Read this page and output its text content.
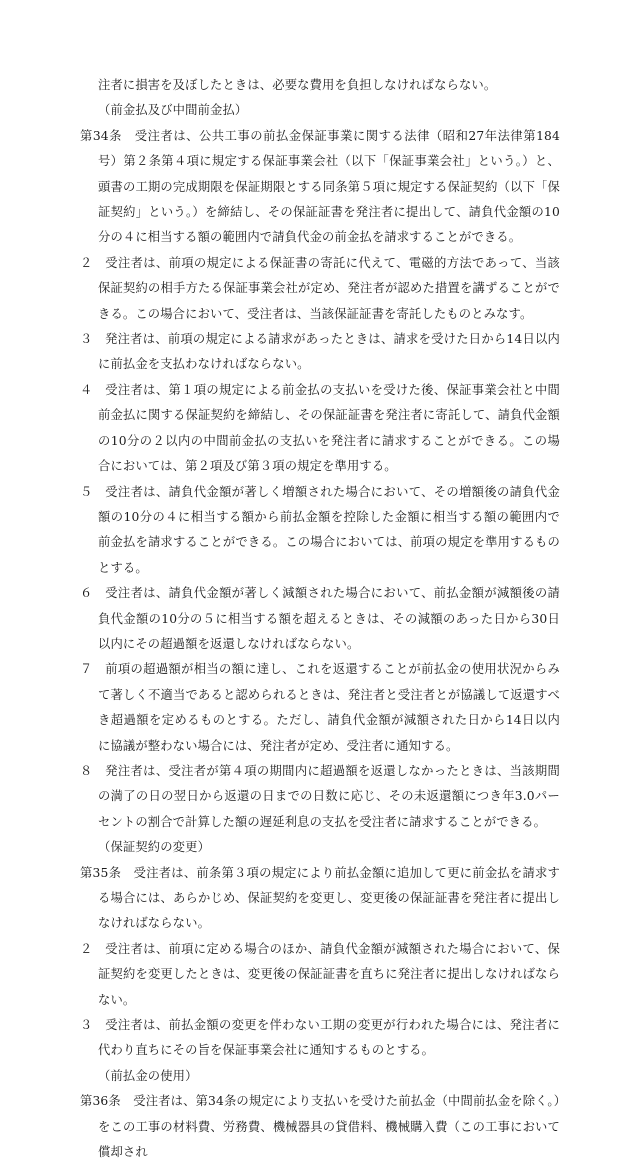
注者に損害を及ぼしたときは、必要な費用を負担しなければならない。

（前金払及び中間前金払）

第34条　受注者は、公共工事の前払金保証事業に関する法律（昭和27年法律第184号）第２条第４項に規定する保証事業会社（以下「保証事業会社」という。）と、頭書の工期の完成期限を保証期限とする同条第５項に規定する保証契約（以下「保証契約」という。）を締結し、その保証証書を発注者に提出して、請負代金額の10分の４に相当する額の範囲内で請負代金の前金払を請求することができる。

２　受注者は、前項の規定による保証書の寄託に代えて、電磁的方法であって、当該保証契約の相手方たる保証事業会社が定め、発注者が認めた措置を講ずることができる。この場合において、受注者は、当該保証証書を寄託したものとみなす。

３　発注者は、前項の規定による請求があったときは、請求を受けた日から14日以内に前払金を支払わなければならない。

４　受注者は、第１項の規定による前金払の支払いを受けた後、保証事業会社と中間前金払に関する保証契約を締結し、その保証証書を発注者に寄託して、請負代金額の10分の２以内の中間前金払の支払いを発注者に請求することができる。この場合においては、第２項及び第３項の規定を準用する。

５　受注者は、請負代金額が著しく増額された場合において、その増額後の請負代金額の10分の４に相当する額から前払金額を控除した金額に相当する額の範囲内で前金払を請求することができる。この場合においては、前項の規定を準用するものとする。

６　受注者は、請負代金額が著しく減額された場合において、前払金額が減額後の請負代金額の10分の５に相当する額を超えるときは、その減額のあった日から30日以内にその超過額を返還しなければならない。

７　前項の超過額が相当の額に達し、これを返還することが前払金の使用状況からみて著しく不適当であると認められるときは、発注者と受注者とが協議して返還すべき超過額を定めるものとする。ただし、請負代金額が減額された日から14日以内に協議が整わない場合には、発注者が定め、受注者に通知する。

８　発注者は、受注者が第４項の期間内に超過額を返還しなかったときは、当該期間の満了の日の翌日から返還の日までの日数に応じ、その未返還額につき年3.0パーセントの割合で計算した額の遅延利息の支払を受注者に請求することができる。

（保証契約の変更）

第35条　受注者は、前条第３項の規定により前払金額に追加して更に前金払を請求する場合には、あらかじめ、保証契約を変更し、変更後の保証証書を発注者に提出しなければならない。

２　受注者は、前項に定める場合のほか、請負代金額が減額された場合において、保証契約を変更したときは、変更後の保証証書を直ちに発注者に提出しなければならない。

３　受注者は、前払金額の変更を伴わない工期の変更が行われた場合には、発注者に代わり直ちにその旨を保証事業会社に通知するものとする。

（前払金の使用）

第36条　受注者は、第34条の規定により支払いを受けた前払金（中間前払金を除く。）をこの工事の材料費、労務費、機械器具の貸借料、機械購入費（この工事において償却され
